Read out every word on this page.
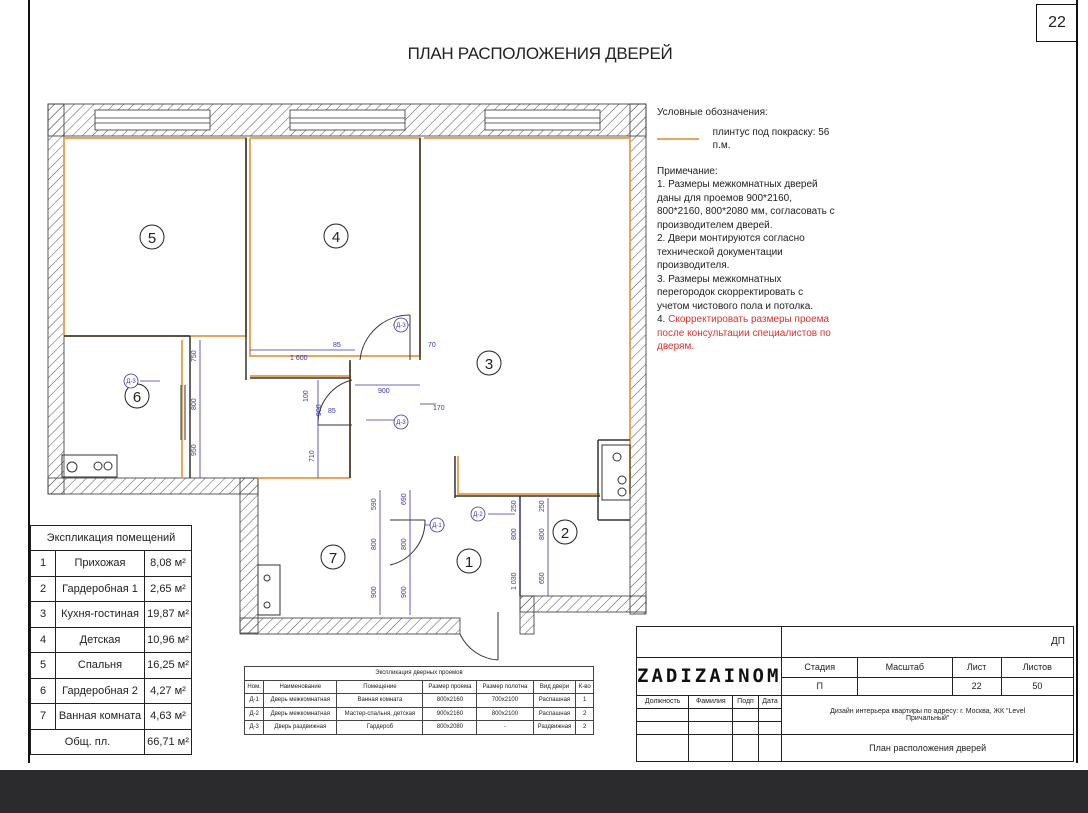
22
ПЛАН РАСПОЛОЖЕНИЯ ДВЕРЕЙ
1
2
3
4
5
6
7
Д-3
Д-3
Д-3
Д-1
Д-2
1 600
85	70
900
750
800
950
85
100
900
710
170
590	690
800	800
900	900
250	250
800	800
1 030	650
Условные обозначения:
плинтус под покраску: 56 п.м.
Примечание:
1. Размеры межкомнатных дверей даны для проемов 900*2160, 800*2160, 800*2080 мм, согласовать с производителем дверей.
2. Двери монтируются согласно технической документации производителя.
3. Размеры межкомнатных перегородок скорректировать с учетом чистового пола и потолка.
4. Скорректировать размеры проема после консультации специалистов по дверям.
Экспликация помещений		
1	Прихожая	8,08 м²
2	Гардеробная 1	2,65 м²
3	Кухня-гостиная	19,87 м²
4	Детская	10,96 м²
5	Спальня	16,25 м²
6	Гардеробная 2	4,27 м²
7	Ванная комната	4,63 м²
Общ. пл.		66,71 м²
Экспликация дверных проемов						
Ном.	Наименование	Помещение	Размер проема	Размер полотна	Вид двери	К-во
Д-1	Дверь межкомнатная	Ванная комната	800x2160	700x2100	Распашная	1
Д-2	Дверь межкомнатная	Мастер-спальня, детская	900x2160	800x2100	Распашная	2
Д-3	Дверь раздвижная	Гардероб	800x2080	-	Раздвижная	2
				ДП			
ZADIZAINOM				Стадия	Масштаб	Лист	Листов
				П		22	50
Должность	Фамилия	Подп	Дата	Дизайн интерьера квартиры по адресу: г. Москва, ЖК "Level Причальный"			

				План расположения дверей			
